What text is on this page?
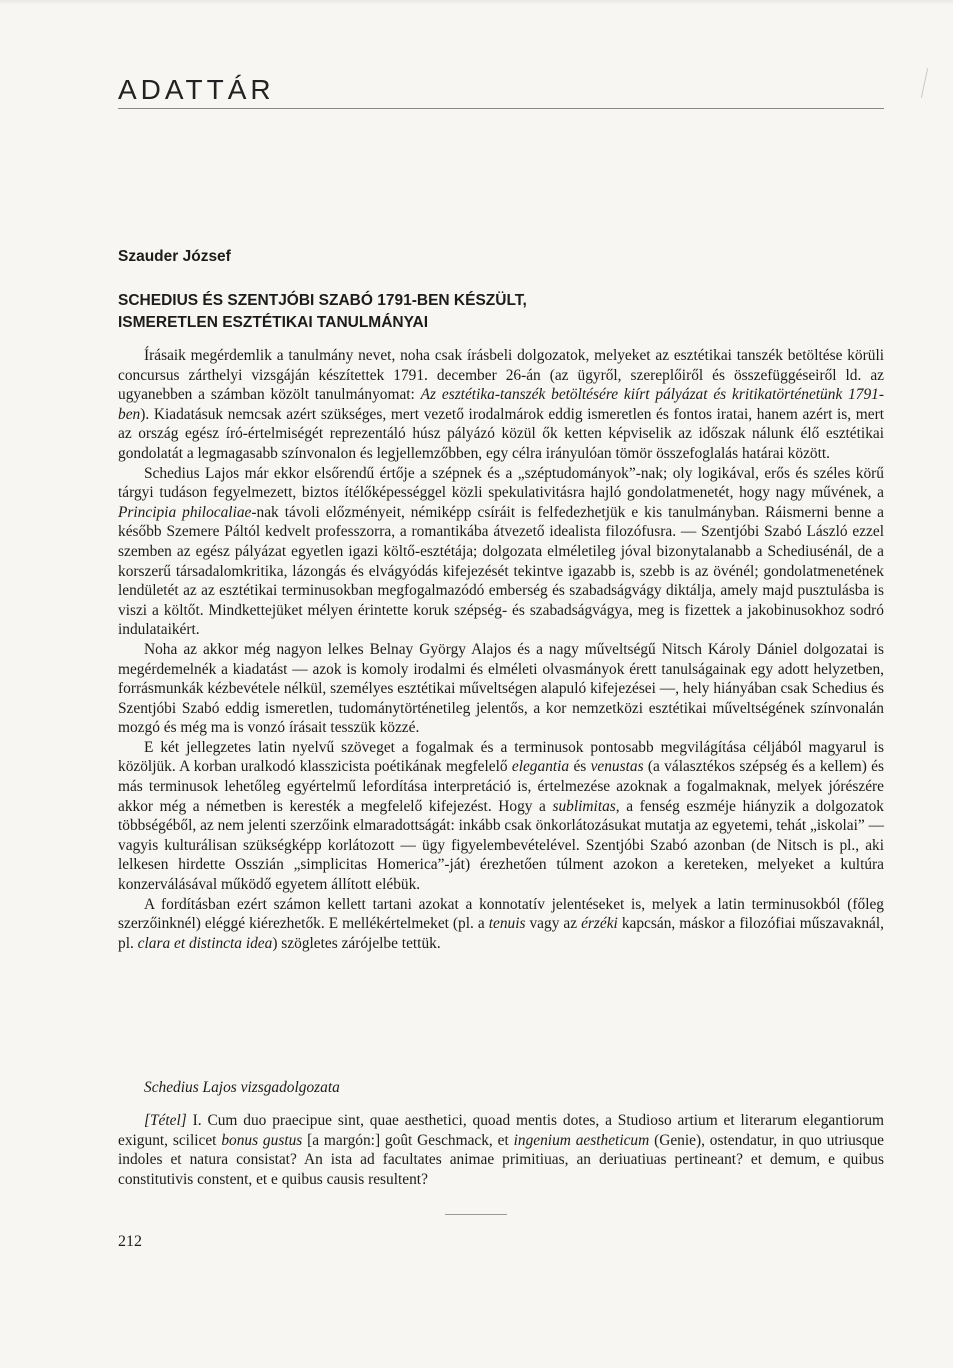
ADATTÁR
Szauder József
SCHEDIUS ÉS SZENTJÓBI SZABÓ 1791-BEN KÉSZÜLT,
ISMERETLEN ESZTÉTIKAI TANULMÁNYAI

Írásaik megérdemlik a tanulmány nevet, noha csak írásbeli dolgozatok, melyeket az esztétikai tanszék betöltése körüli concursus zárthelyi vizsgáján készítettek 1791. december 26-án (az ügyről, szereplőiről és összefüggéseiről ld. az ugyanebben a számban közölt tanulmányomat: Az esztétika-tanszék betöltésére kiírt pályázat és kritikatörténetünk 1791-ben). Kiadatásuk nemcsak azért szükséges, mert vezető irodalmárok eddig ismeretlen és fontos iratai, hanem azért is, mert az ország egész író-értelmiségét reprezentáló húsz pályázó közül ők ketten képviselik az időszak nálunk élő esztétikai gondolatát a legmagasabb színvonalon és legjellemzőbben, egy célra irányulóan tömör összefoglalás határai között.

Schedius Lajos már ekkor elsőrendű értője a szépnek és a „széptudományok”-nak; oly logikával, erős és széles körű tárgyi tudáson fegyelmezett, biztos ítélőképességgel közli spekulativitásra hajló gondolatmenetét, hogy nagy művének, a Principia philocaliae-nak távoli előzményeit, némiképp csíráit is felfedezhetjük e kis tanulmányban. Ráismerni benne a később Szemere Páltól kedvelt professzorra, a romantikába átvezető idealista filozófusra. — Szentjóbi Szabó László ezzel szemben az egész pályázat egyetlen igazi költő-esztétája; dolgozata elméletileg jóval bizonytalanabb a Schediusénál, de a korszerű társadalomkritika, lázongás és elvágyódás kifejezését tekintve igazabb is, szebb is az övénél; gondolatmenetének lendületét az az esztétikai terminusokban megfogalmazódó emberség és szabadságvágy diktálja, amely majd pusztulásba is viszi a költőt. Mindkettejüket mélyen érintette koruk szépség- és szabadságvágya, meg is fizettek a jakobinusokhoz sodró indulataikért.

Noha az akkor még nagyon lelkes Belnay György Alajos és a nagy műveltségű Nitsch Károly Dániel dolgozatai is megérdemelnék a kiadatást — azok is komoly irodalmi és elméleti olvasmányok érett tanulságainak egy adott helyzetben, forrásmunkák kézbevétele nélkül, személyes esztétikai műveltségen alapuló kifejezései —, hely hiányában csak Schedius és Szentjóbi Szabó eddig ismeretlen, tudománytörténetileg jelentős, a kor nemzetközi esztétikai műveltségének színvonalán mozgó és még ma is vonzó írásait tesszük közzé.

E két jellegzetes latin nyelvű szöveget a fogalmak és a terminusok pontosabb megvilágítása céljából magyarul is közöljük. A korban uralkodó klasszicista poétikának megfelelő elegantia és venustas (a választékos szépség és a kellem) és más terminusok lehetőleg egyértelmű lefordítása interpretáció is, értelmezése azoknak a fogalmaknak, melyek jórészére akkor még a németben is keresték a megfelelő kifejezést. Hogy a sublimitas, a fenség eszméje hiányzik a dolgozatok többségéből, az nem jelenti szerzőink elmaradottságát: inkább csak önkorlátozásukat mutatja az egyetemi, tehát „iskolai” — vagyis kulturálisan szükségképp korlátozott — ügy figyelembevételével. Szentjóbi Szabó azonban (de Nitsch is pl., aki lelkesen hirdette Osszián „simplicitas Homerica”-ját) érezhetően túlment azokon a kereteken, melyeket a kultúra konzerválásával működő egyetem állított elébük.

A fordításban ezért számon kellett tartani azokat a konnotatív jelentéseket is, melyek a latin terminusokból (főleg szerzőinknél) eléggé kiérezhetők. E mellékértelmeket (pl. a tenuis vagy az érzéki kapcsán, máskor a filozófiai műszavaknál, pl. clara et distincta idea) szögletes zárójelbe tettük.

Schedius Lajos vizsgadolgozata

[Tétel] I. Cum duo praecipue sint, quae aesthetici, quoad mentis dotes, a Studioso artium et literarum elegantiorum exigunt, scilicet bonus gustus [a margón:] goût Geschmack, et ingenium aestheticum (Genie), ostendatur, in quo utriusque indoles et natura consistat? An ista ad facultates animae primitiuas, an deriuatiuas pertineant? et demum, e quibus constitutivis constent, et e quibus causis resultent?

212
